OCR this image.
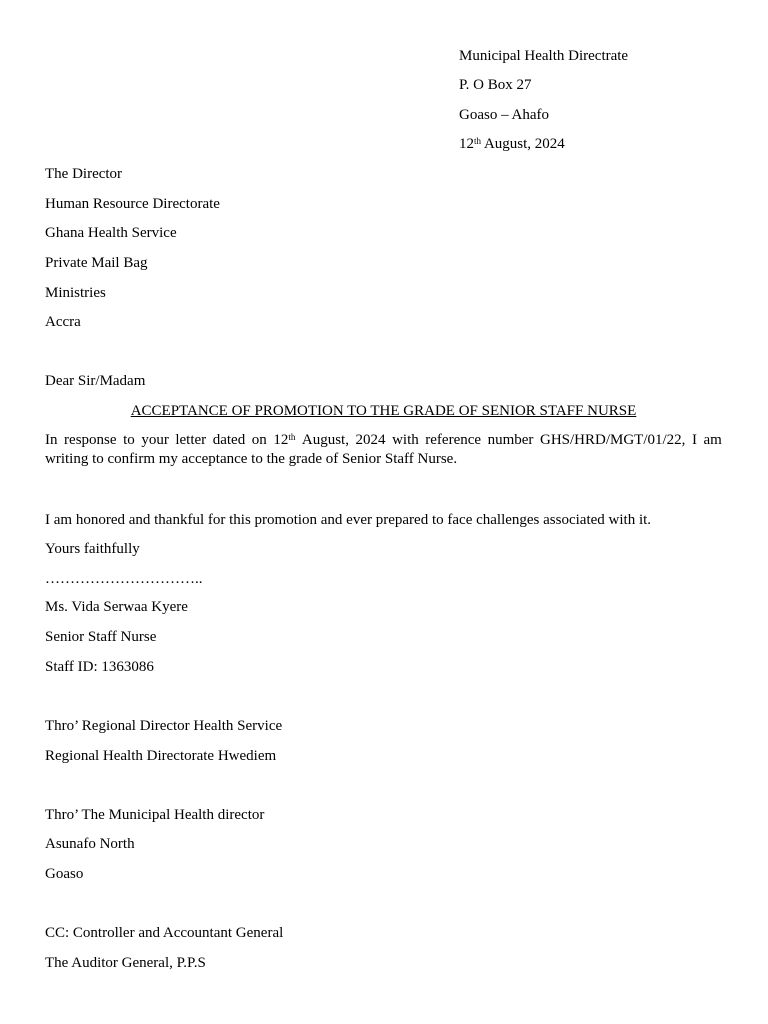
Municipal Health Directrate
P. O Box 27
Goaso – Ahafo
12th August, 2024
The Director
Human Resource Directorate
Ghana Health Service
Private Mail Bag
Ministries
Accra
Dear Sir/Madam
ACCEPTANCE OF PROMOTION TO THE GRADE OF SENIOR STAFF NURSE
In response to your letter dated on 12th August, 2024 with reference number GHS/HRD/MGT/01/22, I am
writing to confirm my acceptance to the grade of Senior Staff Nurse.
I am honored and thankful for this promotion and ever prepared to face challenges associated with it.
Yours faithfully
…………………………..
Ms. Vida Serwaa Kyere
Senior Staff Nurse
Staff ID: 1363086
Thro’ Regional Director Health Service
Regional Health Directorate Hwediem
Thro’ The Municipal Health director
Asunafo North
Goaso
CC: Controller and Accountant General
The Auditor General, P.P.S
